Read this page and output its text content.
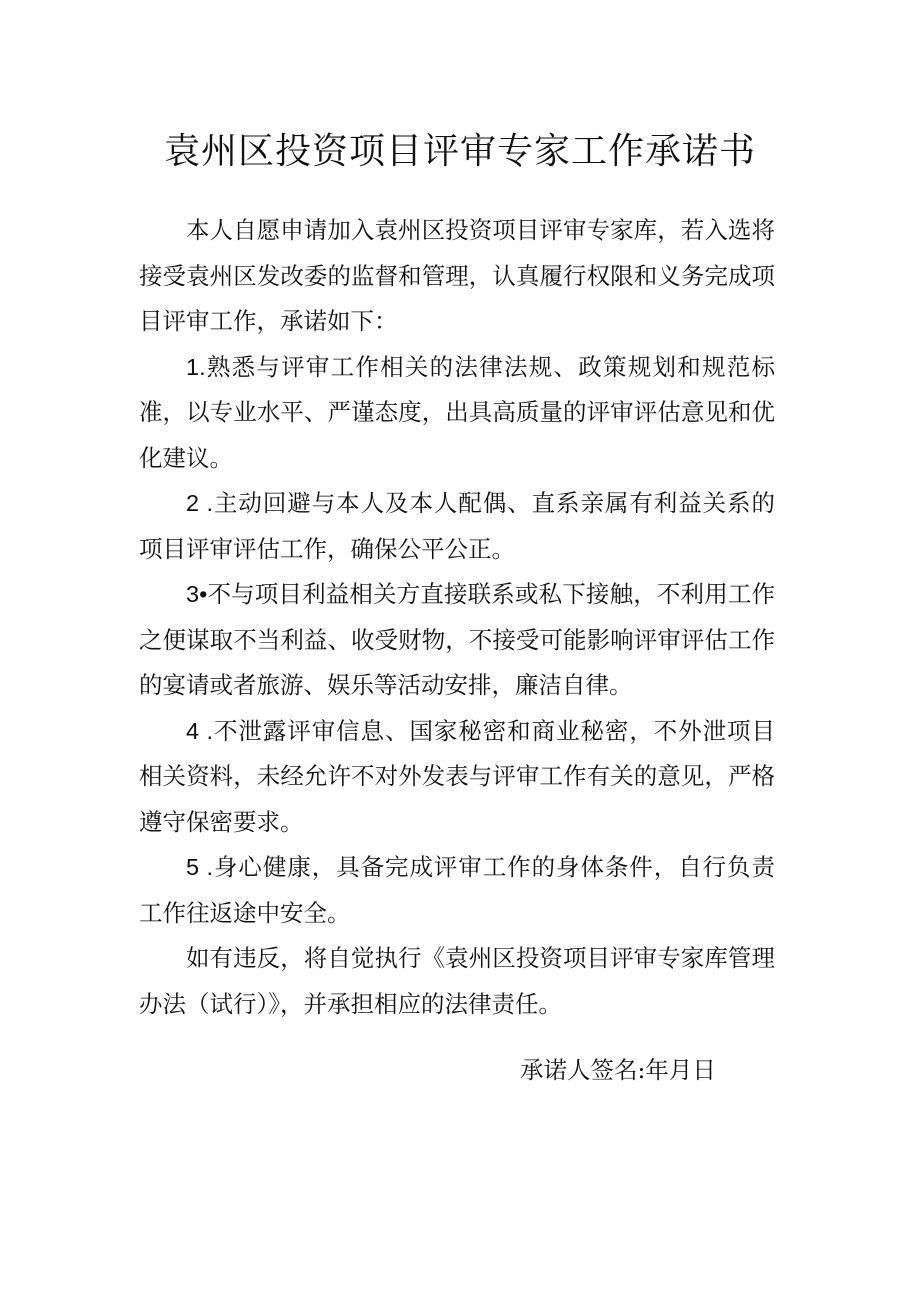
袁州区投资项目评审专家工作承诺书

本人自愿申请加入袁州区投资项目评审专家库，若入选将接受袁州区发改委的监督和管理，认真履行权限和义务完成项目评审工作，承诺如下：

1.熟悉与评审工作相关的法律法规、政策规划和规范标准，以专业水平、严谨态度，出具高质量的评审评估意见和优化建议。

2 .主动回避与本人及本人配偶、直系亲属有利益关系的项目评审评估工作，确保公平公正。

3•不与项目利益相关方直接联系或私下接触，不利用工作之便谋取不当利益、收受财物，不接受可能影响评审评估工作的宴请或者旅游、娱乐等活动安排，廉洁自律。

4 .不泄露评审信息、国家秘密和商业秘密，不外泄项目相关资料，未经允许不对外发表与评审工作有关的意见，严格遵守保密要求。

5 .身心健康，具备完成评审工作的身体条件，自行负责工作往返途中安全。

如有违反，将自觉执行《袁州区投资项目评审专家库管理办法（试行）》，并承担相应的法律责任。

承诺人签名:年月日
